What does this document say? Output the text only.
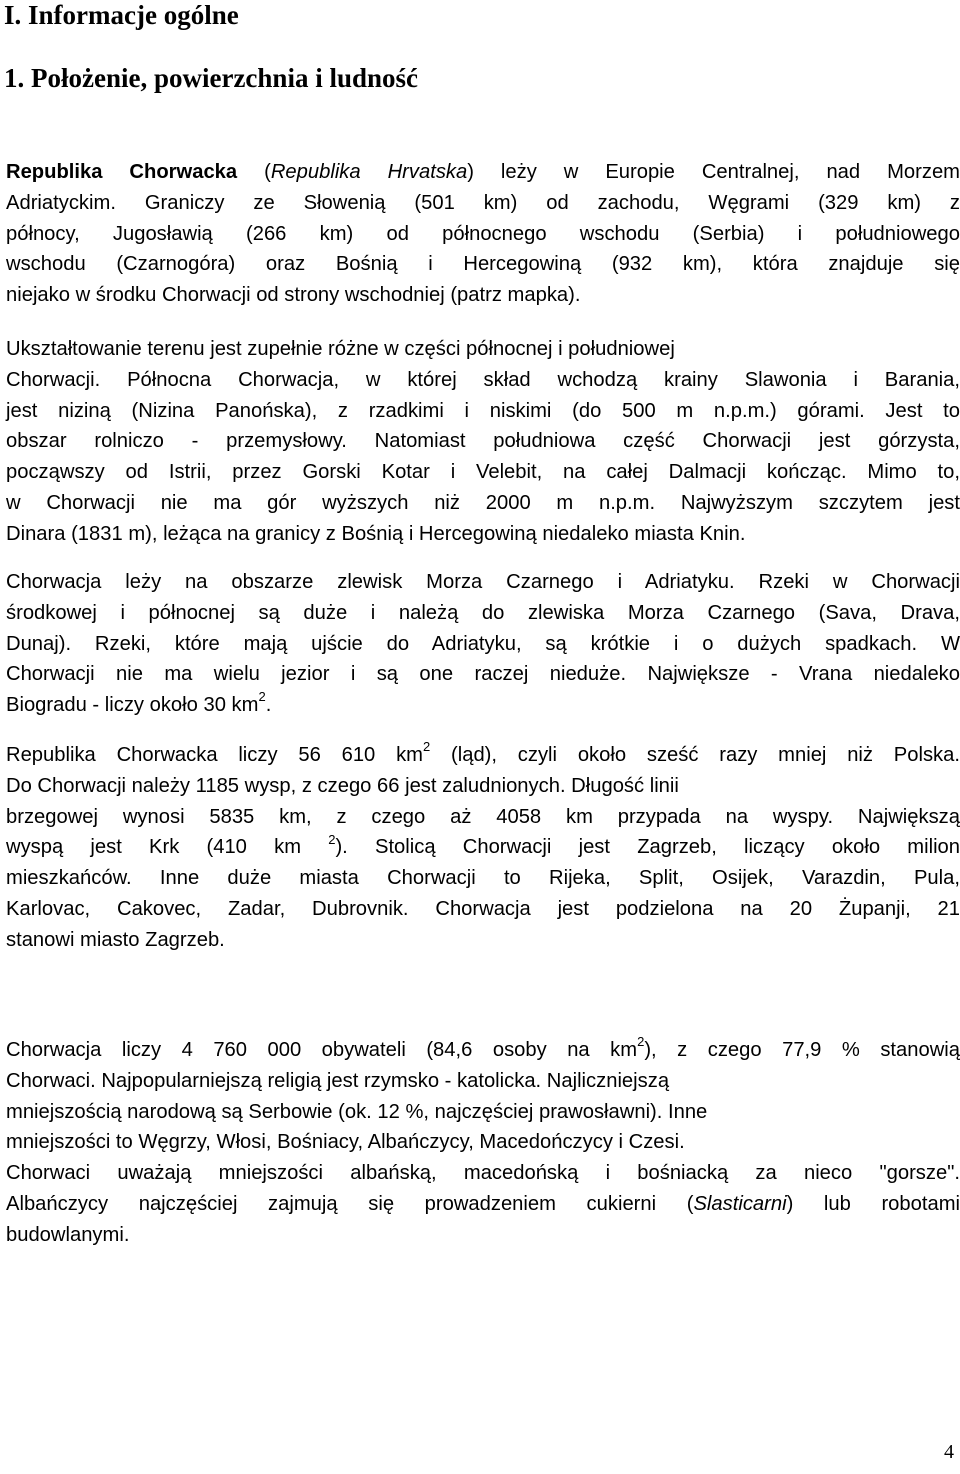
I. Informacje ogólne
1. Położenie, powierzchnia i ludność
Republika Chorwacka (Republika Hrvatska) leży w Europie Centralnej, nad Morzem
Adriatyckim. Graniczy ze Słowenią (501 km) od zachodu, Węgrami (329 km) z
północy, Jugosławią (266 km) od północnego wschodu (Serbia) i południowego
wschodu (Czarnogóra) oraz Bośnią i Hercegowiną (932 km), która znajduje się
niejako w środku Chorwacji od strony wschodniej (patrz mapka).
Ukształtowanie terenu jest zupełnie różne w części północnej i południowej
Chorwacji. Północna Chorwacja, w której skład wchodzą krainy Slawonia i Barania,
jest niziną (Nizina Panońska), z rzadkimi i niskimi (do 500 m n.p.m.) górami. Jest to
obszar rolniczo - przemysłowy. Natomiast południowa część Chorwacji jest górzysta,
począwszy od Istrii, przez Gorski Kotar i Velebit, na całej Dalmacji kończąc. Mimo to,
w Chorwacji nie ma gór wyższych niż 2000 m n.p.m. Najwyższym szczytem jest
Dinara (1831 m), leżąca na granicy z Bośnią i Hercegowiną niedaleko miasta Knin.
Chorwacja leży na obszarze zlewisk Morza Czarnego i Adriatyku. Rzeki w Chorwacji
środkowej i północnej są duże i należą do zlewiska Morza Czarnego (Sava, Drava,
Dunaj). Rzeki, które mają ujście do Adriatyku, są krótkie i o dużych spadkach. W
Chorwacji nie ma wielu jezior i są one raczej niedużе. Największe - Vrana niedaleko
Biogradu - liczy około 30 $km^2$.
Republika Chorwacka liczy 56 610 $km^2$ (ląd), czyli około sześć razy mniej niż Polska.
Do Chorwacji należy 1185 wysp, z czego 66 jest zaludnionych. Długość linii
brzegowej wynosi 5835 km, z czego aż 4058 km przypada na wyspy. Największą
wyspą jest Krk (410 km $^2$). Stolicą Chorwacji jest Zagrzeb, liczący około milion
mieszkańców. Inne duże miasta Chorwacji to Rijeka, Split, Osijek, Varazdin, Pula,
Karlovac, Cakovec, Zadar, Dubrovnik. Chorwacja jest podzielona na 20 Żupanji, 21
stanowi miasto Zagrzeb.
Chorwacja liczy 4 760 000 obywateli (84,6 osoby na $km^2$), z czego 77,9 % stanowią
Chorwaci. Najpopularniejszą religią jest rzymsko - katolicka. Najliczniejszą
mniejszością narodową są Serbowie (ok. 12 %, najczęściej prawosławni). Inne
mniejszości to Węgrzy, Włosi, Bośniacy, Albańczycy, Macedończycy i Czesi.
Chorwaci uważają mniejszości albańską, macedońską i bośniacką za nieco "gorsze".
Albańczycy najczęściej zajmują się prowadzeniem cukierni (Slasticarni) lub robotami
budowlanymi.
4
